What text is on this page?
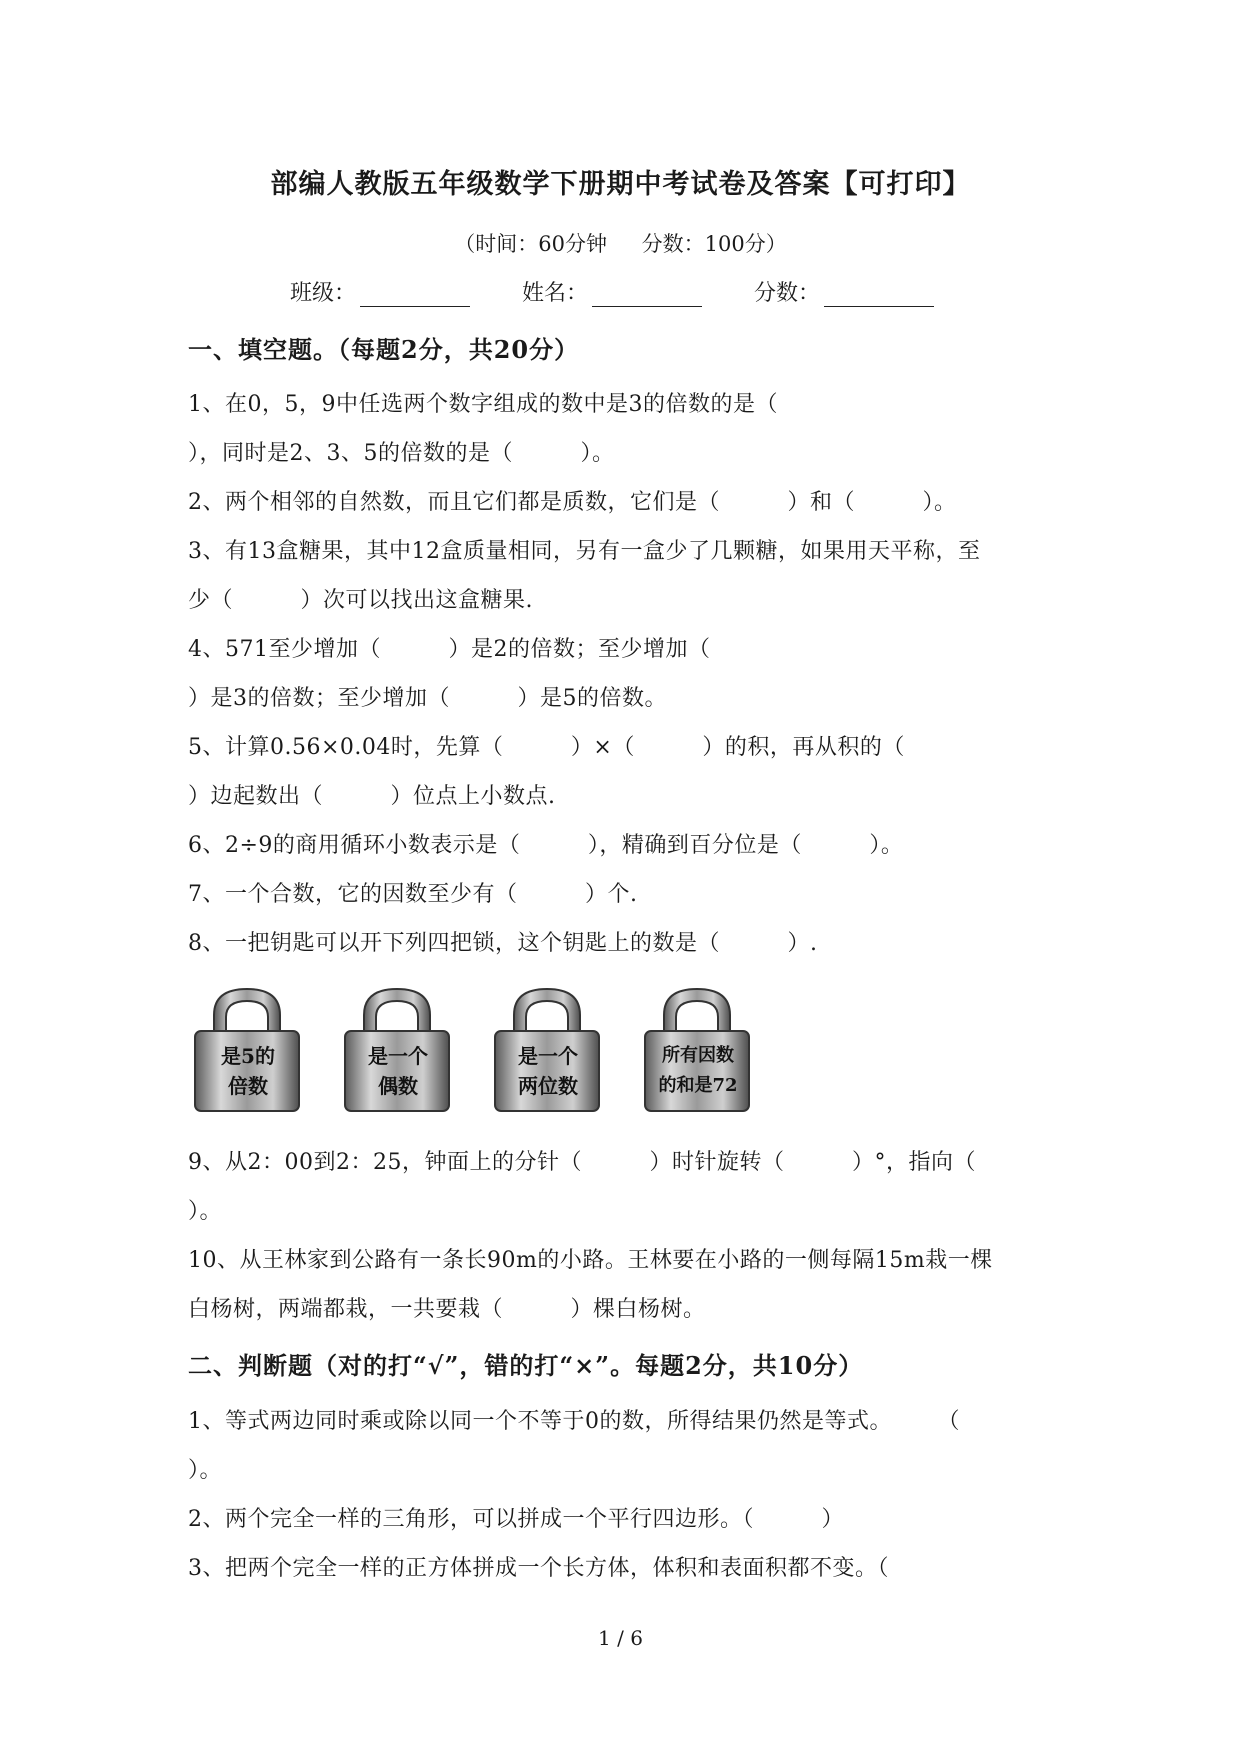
部编人教版五年级数学下册期中考试卷及答案【可打印】
（时间：60分钟 分数：100分）
班级：	姓名：	分数：
一、填空题。（每题2分，共20分）
1、在0，5，9中任选两个数字组成的数中是3的倍数的是（
），同时是2、3、5的倍数的是（　　　）。
2、两个相邻的自然数，而且它们都是质数，它们是（　　　）和（　　　）。
3、有13盒糖果，其中12盒质量相同，另有一盒少了几颗糖，如果用天平称，至
少（　　　）次可以找出这盒糖果.
4、571至少增加（　　　）是2的倍数；至少增加（
）是3的倍数；至少增加（　　　）是5的倍数。
5、计算0.56×0.04时，先算（　　　）×（　　　）的积，再从积的（
）边起数出（　　　）位点上小数点.
6、2÷9的商用循环小数表示是（　　　），精确到百分位是（　　　）。
7、一个合数，它的因数至少有（　　　）个.
8、一把钥匙可以开下列四把锁，这个钥匙上的数是（　　　）.
是5的
倍数
是一个
偶数
是一个
两位数
所有因数
的和是72
9、从2：00到2：25，钟面上的分针（　　　）时针旋转（　　　）°，指向（
）。
10、从王林家到公路有一条长90m的小路。王林要在小路的一侧每隔15m栽一棵
白杨树，两端都栽，一共要栽（　　　）棵白杨树。
二、判断题（对的打“√”，错的打“×”。每题2分，共10分）
1、等式两边同时乘或除以同一个不等于0的数，所得结果仍然是等式。　　　（
）。
2、两个完全一样的三角形，可以拼成一个平行四边形。（　　　）
3、把两个完全一样的正方体拼成一个长方体，体积和表面积都不变。（
1 / 6
